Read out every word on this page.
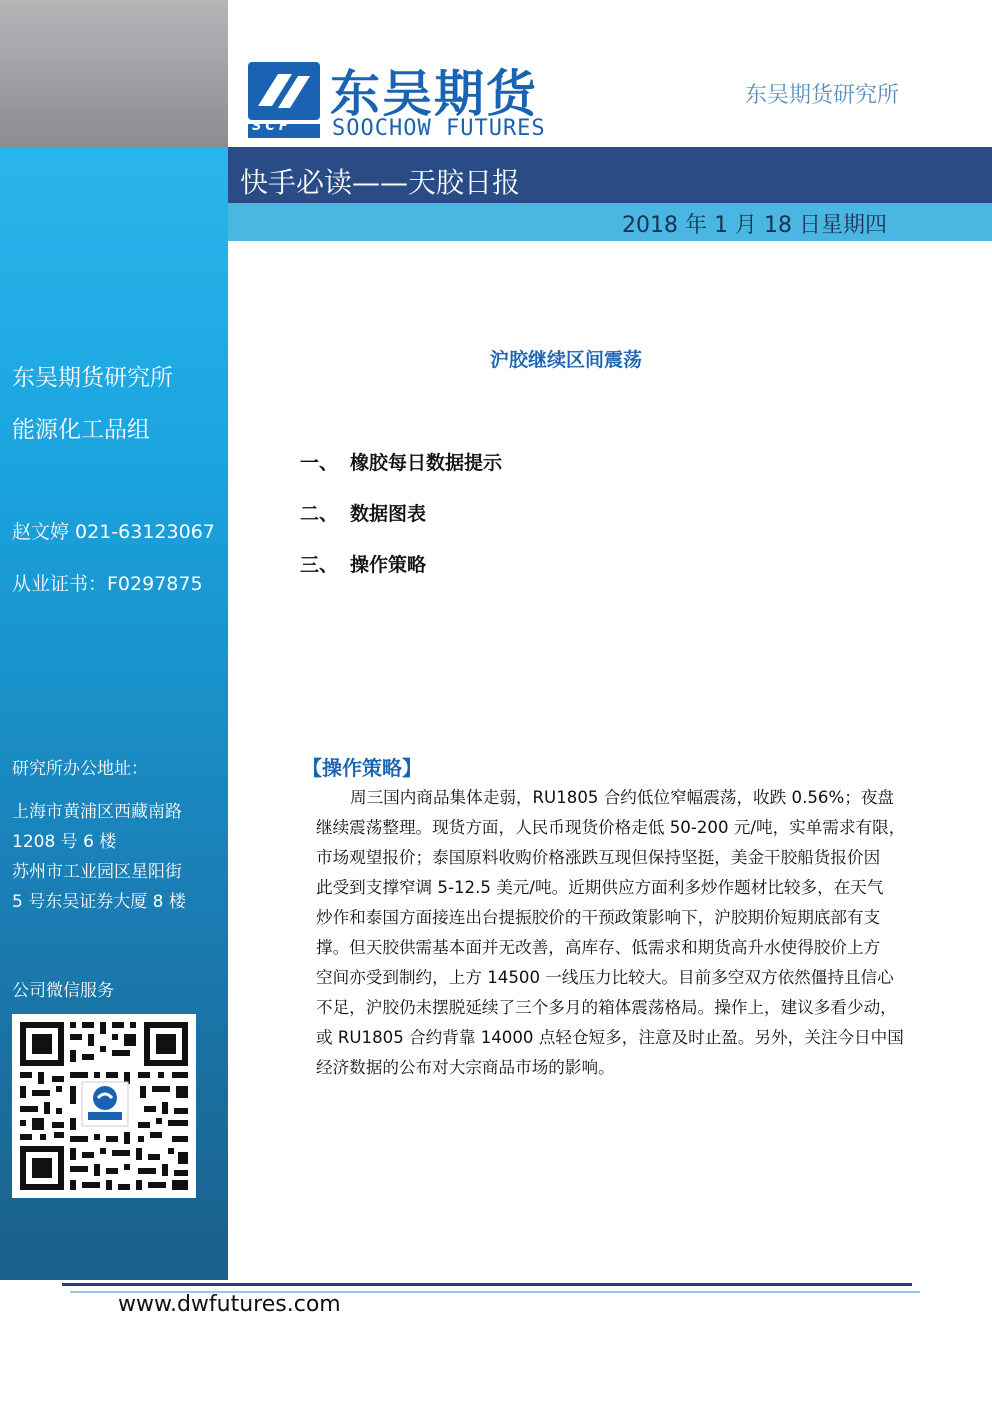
东吴期货研究所
能源化工品组
赵文婷 021-63123067
从业证书：F0297875
研究所办公地址：
上海市黄浦区西藏南路
1208 号 6 楼
苏州市工业园区星阳街
5 号东吴证券大厦 8 楼
公司微信服务
SCF
东吴期货
SOOCHOW FUTURES
东吴期货研究所
快手必读——天胶日报
2018 年 1 月 18 日星期四
沪胶继续区间震荡
一、 橡胶每日数据提示
二、 数据图表
三、 操作策略
【操作策略】
周三国内商品集体走弱，RU1805 合约低位窄幅震荡，收跌 0.56%；夜盘
继续震荡整理。现货方面，人民币现货价格走低 50-200 元/吨，实单需求有限，
市场观望报价；泰国原料收购价格涨跌互现但保持坚挺，美金干胶船货报价因
此受到支撑窄调 5-12.5 美元/吨。近期供应方面利多炒作题材比较多，在天气
炒作和泰国方面接连出台提振胶价的干预政策影响下，沪胶期价短期底部有支
撑。但天胶供需基本面并无改善，高库存、低需求和期货高升水使得胶价上方
空间亦受到制约，上方 14500 一线压力比较大。目前多空双方依然僵持且信心
不足，沪胶仍未摆脱延续了三个多月的箱体震荡格局。操作上，建议多看少动，
或 RU1805 合约背靠 14000 点轻仓短多，注意及时止盈。另外，关注今日中国
经济数据的公布对大宗商品市场的影响。
www.dwfutures.com
